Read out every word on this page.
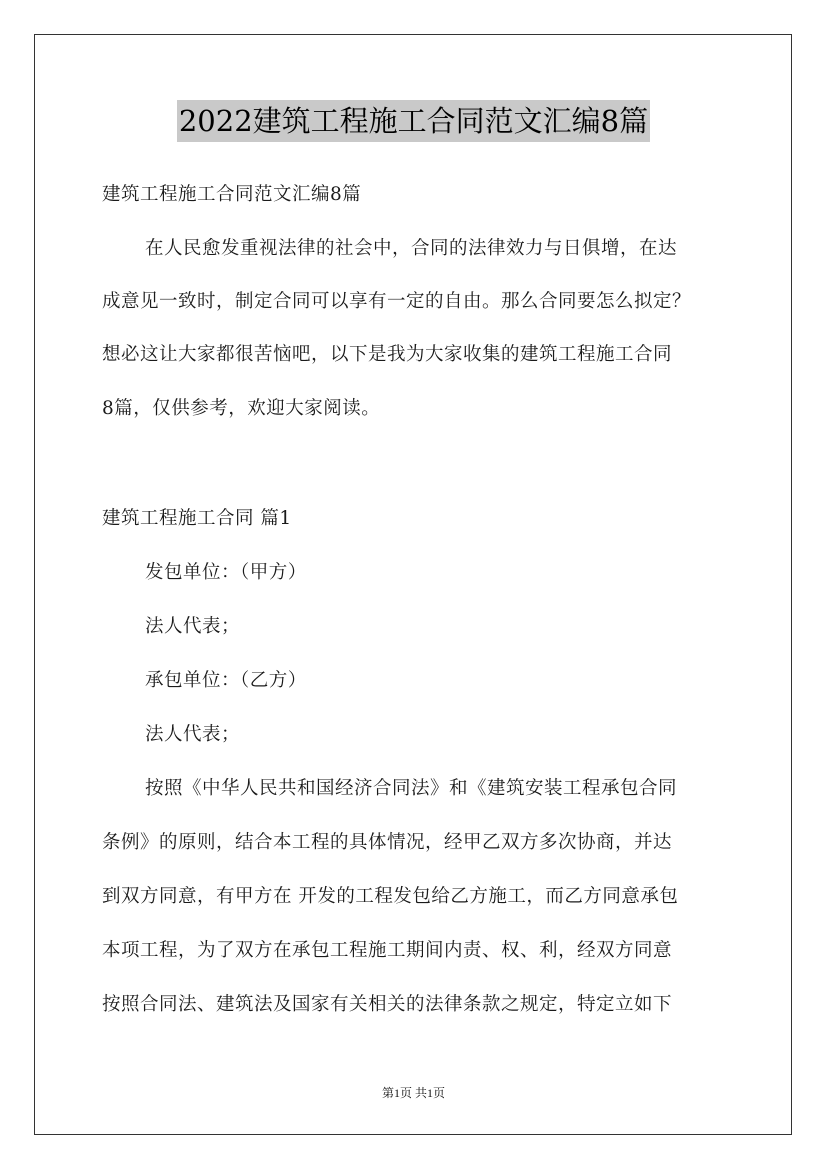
2022建筑工程施工合同范文汇编8篇
建筑工程施工合同范文汇编8篇
在人民愈发重视法律的社会中，合同的法律效力与日俱增，在达
成意见一致时，制定合同可以享有一定的自由。那么合同要怎么拟定？
想必这让大家都很苦恼吧，以下是我为大家收集的建筑工程施工合同
8篇，仅供参考，欢迎大家阅读。
建筑工程施工合同 篇1
发包单位：（甲方）
法人代表；
承包单位：（乙方）
法人代表；
按照《中华人民共和国经济合同法》和《建筑安装工程承包合同
条例》的原则，结合本工程的具体情况，经甲乙双方多次协商，并达
到双方同意，有甲方在 开发的工程发包给乙方施工，而乙方同意承包
本项工程，为了双方在承包工程施工期间内责、权、利，经双方同意
按照合同法、建筑法及国家有关相关的法律条款之规定，特定立如下
第1页 共1页
